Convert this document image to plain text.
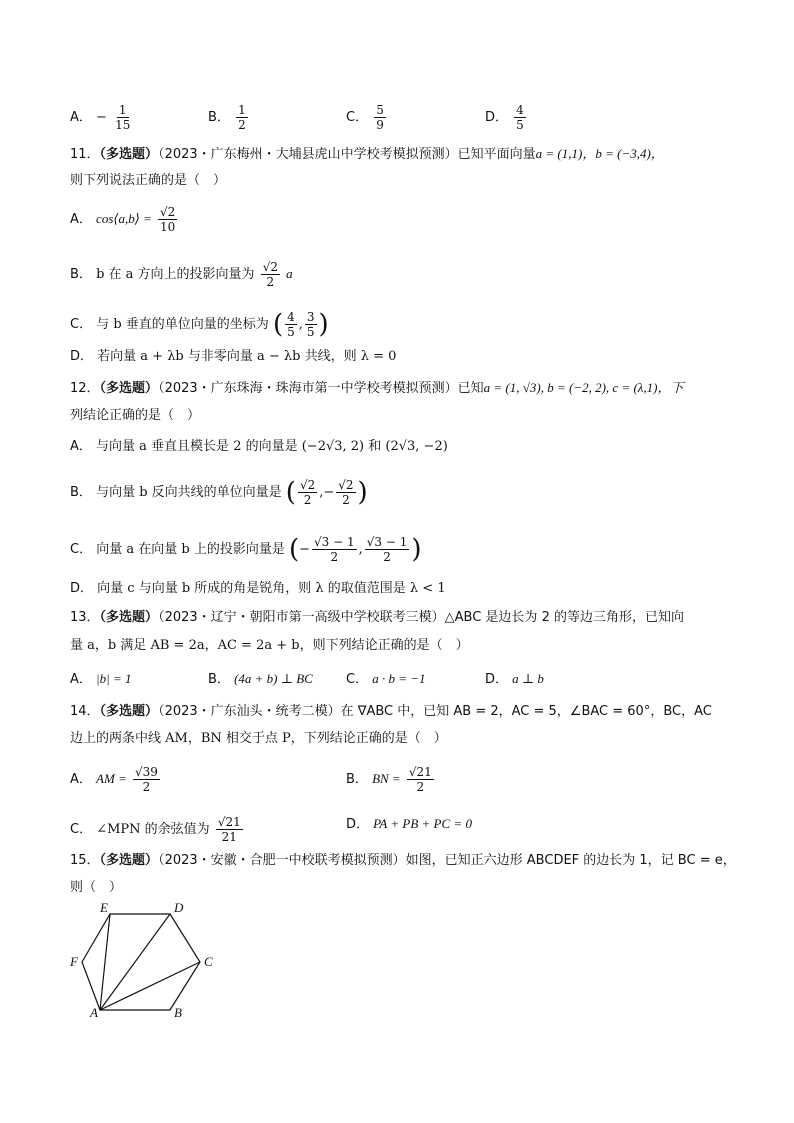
A． − $\frac{1}{15}$	B． $\frac{1}{2}$	C． $\frac{5}{9}$	D． $\frac{4}{5}$
11．（多选题）（2023・广东梅州・大埔县虎山中学校考模拟预测）已知平面向量a = (1,1)，b = (−3,4)，
则下列说法正确的是（　）
A． cos⟨a,b⟩ = $\frac{√2}{10}$
B． b 在 a 方向上的投影向量为 $\frac{√2}{2}$ a
C． 与 b 垂直的单位向量的坐标为 ( $\frac{4}{5}$ , $\frac{3}{5}$ )
D． 若向量 a + λb 与非零向量 a − λb 共线，则 λ = 0
12．（多选题）（2023・广东珠海・珠海市第一中学校考模拟预测）已知a = (1, √3), b = (−2, 2), c = (λ,1)，下
列结论正确的是（　）
A． 与向量 a 垂直且模长是 2 的向量是 (−2√3, 2) 和 (2√3, −2)
B． 与向量 b 反向共线的单位向量是 ( $\frac{√2}{2}$ ,− $\frac{√2}{2}$ )
C． 向量 a 在向量 b 上的投影向量是 (− $\frac{√3 - 1}{2}$ , $\frac{√3 - 1}{2}$ )
D． 向量 c 与向量 b 所成的角是锐角，则 λ 的取值范围是 λ < 1
13．（多选题）（2023・辽宁・朝阳市第一高级中学校联考三模）△ABC 是边长为 2 的等边三角形，已知向
量 a，b 满足 AB = 2a，AC = 2a + b，则下列结论正确的是（　）
A． |b| = 1	B． (4a + b) ⊥ BC	C． a · b = −1	D． a ⊥ b
14．（多选题）（2023・广东汕头・统考二模）在 ∇ABC 中，已知 AB = 2，AC = 5，∠BAC = 60°，BC，AC
边上的两条中线 AM，BN 相交于点 P，下列结论正确的是（　）
A． AM = $\frac{√39}{2}$	B． BN = $\frac{√21}{2}$
C． ∠MPN 的余弦值为 $\frac{√21}{21}$	D． PA + PB + PC = 0
15．（多选题）（2023・安徽・合肥一中校联考模拟预测）如图，已知正六边形 ABCDEF 的边长为 1，记 BC = e，
则（　）
A	B
C
D
E
F
